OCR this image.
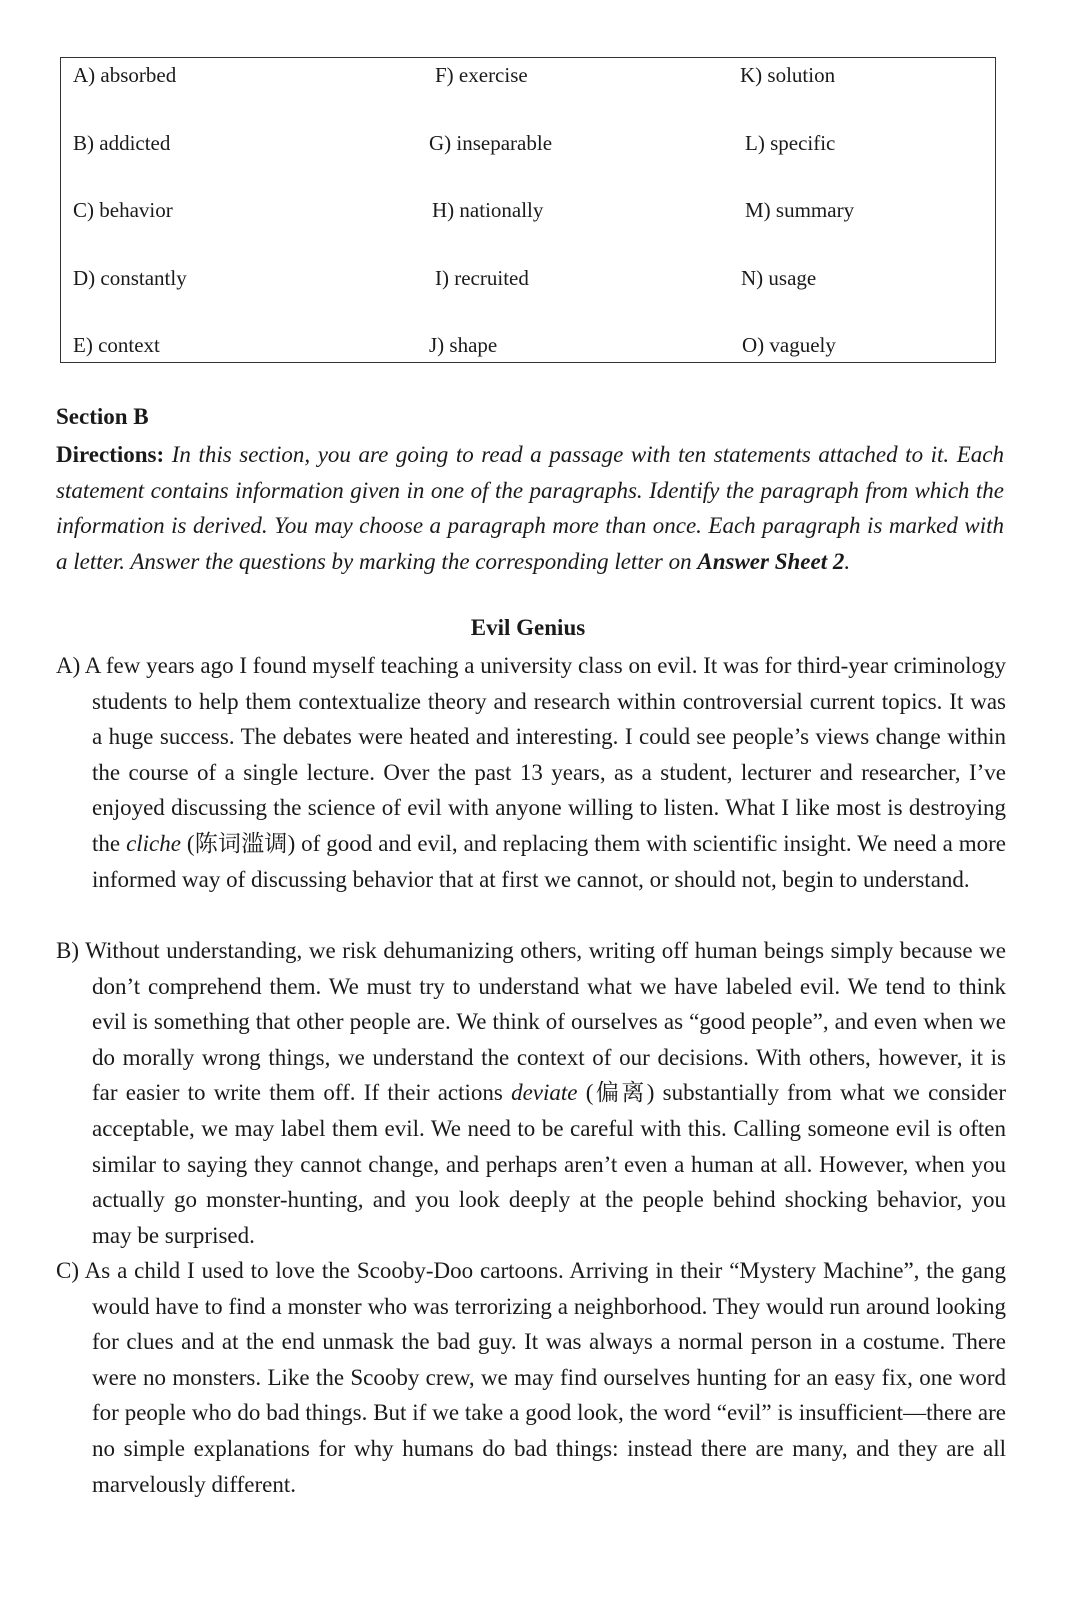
A) absorbed
B) addicted
C) behavior
D) constantly
E) context
F) exercise
G) inseparable
H) nationally
I) recruited
J) shape
K) solution
L) specific
M) summary
N) usage
O) vaguely
Section B
Directions: In this section, you are going to read a passage with ten statements attached to it. Each statement contains information given in one of the paragraphs. Identify the paragraph from which the information is derived. You may choose a paragraph more than once. Each paragraph is marked with a letter. Answer the questions by marking the corresponding letter on Answer Sheet 2.
Evil Genius
A) A few years ago I found myself teaching a university class on evil. It was for third-year criminology students to help them contextualize theory and research within controversial current topics. It was a huge success. The debates were heated and interesting. I could see people’s views change within the course of a single lecture. Over the past 13 years, as a student, lecturer and researcher, I’ve enjoyed discussing the science of evil with anyone willing to listen. What I like most is destroying the cliche (陈词滥调) of good and evil, and replacing them with scientific insight. We need a more informed way of discussing behavior that at first we cannot, or should not, begin to understand.
B) Without understanding, we risk dehumanizing others, writing off human beings simply because we don’t comprehend them. We must try to understand what we have labeled evil. We tend to think evil is something that other people are. We think of ourselves as “good people”, and even when we do morally wrong things, we understand the context of our decisions. With others, however, it is far easier to write them off. If their actions deviate (偏离) substantially from what we consider acceptable, we may label them evil. We need to be careful with this. Calling someone evil is often similar to saying they cannot change, and perhaps aren’t even a human at all. However, when you actually go monster-hunting, and you look deeply at the people behind shocking behavior, you may be surprised.
C) As a child I used to love the Scooby-Doo cartoons. Arriving in their “Mystery Machine”, the gang would have to find a monster who was terrorizing a neighborhood. They would run around looking for clues and at the end unmask the bad guy. It was always a normal person in a costume. There were no monsters. Like the Scooby crew, we may find ourselves hunting for an easy fix, one word for people who do bad things. But if we take a good look, the word “evil” is insufficient—there are no simple explanations for why humans do bad things: instead there are many, and they are all marvelously different.
